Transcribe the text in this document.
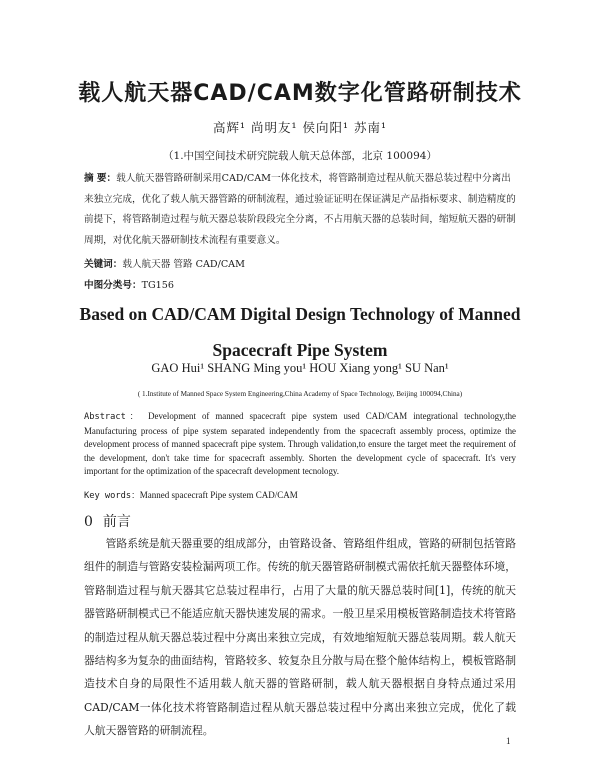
载人航天器CAD/CAM数字化管路研制技术
高辉¹ 尚明友¹ 侯向阳¹ 苏南¹
（1.中国空间技术研究院载人航天总体部，北京 100094）
摘 要：载人航天器管路研制采用CAD/CAM一体化技术，将管路制造过程从航天器总装过程中分离出来独立完成，优化了载人航天器管路的研制流程，通过验证证明在保证满足产品指标要求、制造精度的前提下，将管路制造过程与航天器总装阶段段完全分离，不占用航天器的总装时间，缩短航天器的研制周期，对优化航天器研制技术流程有重要意义。
关键词：载人航天器 管路 CAD/CAM
中图分类号：TG156
Based on CAD/CAM Digital Design Technology of Manned
Spacecraft Pipe System
GAO Hui¹ SHANG Ming you¹ HOU Xiang yong¹ SU Nan¹
( 1.Institute of Manned Space System Engineering,China Academy of Space Technology, Beijing 100094,China)
Abstract： Development of manned spacecraft pipe system used CAD/CAM integrational technology,the Manufacturing process of pipe system separated independently from the spacecraft assembly process, optimize the development process of manned spacecraft pipe system. Through validation,to ensure the target meet the requirement of the development, don't take time for spacecraft assembly. Shorten the development cycle of spacecraft. It's very important for the optimization of the spacecraft development tecnology.
Key words：Manned spacecraft Pipe system CAD/CAM
0 前言
管路系统是航天器重要的组成部分，由管路设备、管路组件组成，管路的研制包括管路组件的制造与管路安装检漏两项工作。传统的航天器管路研制模式需依托航天器整体环境，管路制造过程与航天器其它总装过程串行，占用了大量的航天器总装时间[1]，传统的航天器管路研制模式已不能适应航天器快速发展的需求。一般卫星采用模板管路制造技术将管路的制造过程从航天器总装过程中分离出来独立完成，有效地缩短航天器总装周期。载人航天器结构多为复杂的曲面结构，管路较多、较复杂且分散与局在整个舱体结构上，模板管路制造技术自身的局限性不适用载人航天器的管路研制，载人航天器根据自身特点通过采用CAD/CAM一体化技术将管路制造过程从航天器总装过程中分离出来独立完成，优化了载人航天器管路的研制流程。
1
